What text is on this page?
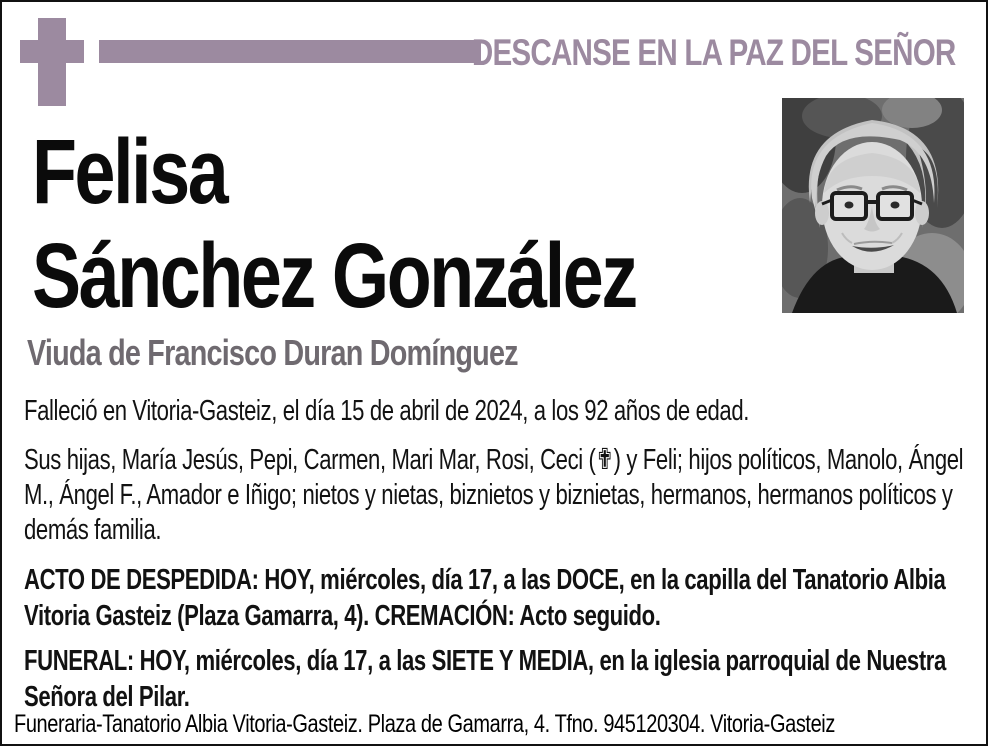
DESCANSE EN LA PAZ DEL SEÑOR
Felisa
Sánchez González
Viuda de Francisco Duran Domínguez

Falleció en Vitoria-Gasteiz, el día 15 de abril de 2024, a los 92 años de edad.

Sus hijas, María Jesús, Pepi, Carmen, Mari Mar, Rosi, Ceci (✟) y Feli; hijos políticos, Manolo, Ángel M., Ángel F., Amador e Iñigo; nietos y nietas, biznietos y biznietas, hermanos, hermanos políticos y demás familia.

ACTO DE DESPEDIDA: HOY, miércoles, día 17, a las DOCE, en la capilla del Tanatorio Albia Vitoria Gasteiz (Plaza Gamarra, 4). CREMACIÓN: Acto seguido.

FUNERAL: HOY, miércoles, día 17, a las SIETE Y MEDIA, en la iglesia parroquial de Nuestra Señora del Pilar.

Funeraria-Tanatorio Albia Vitoria-Gasteiz. Plaza de Gamarra, 4. Tfno. 945120304. Vitoria-Gasteiz
